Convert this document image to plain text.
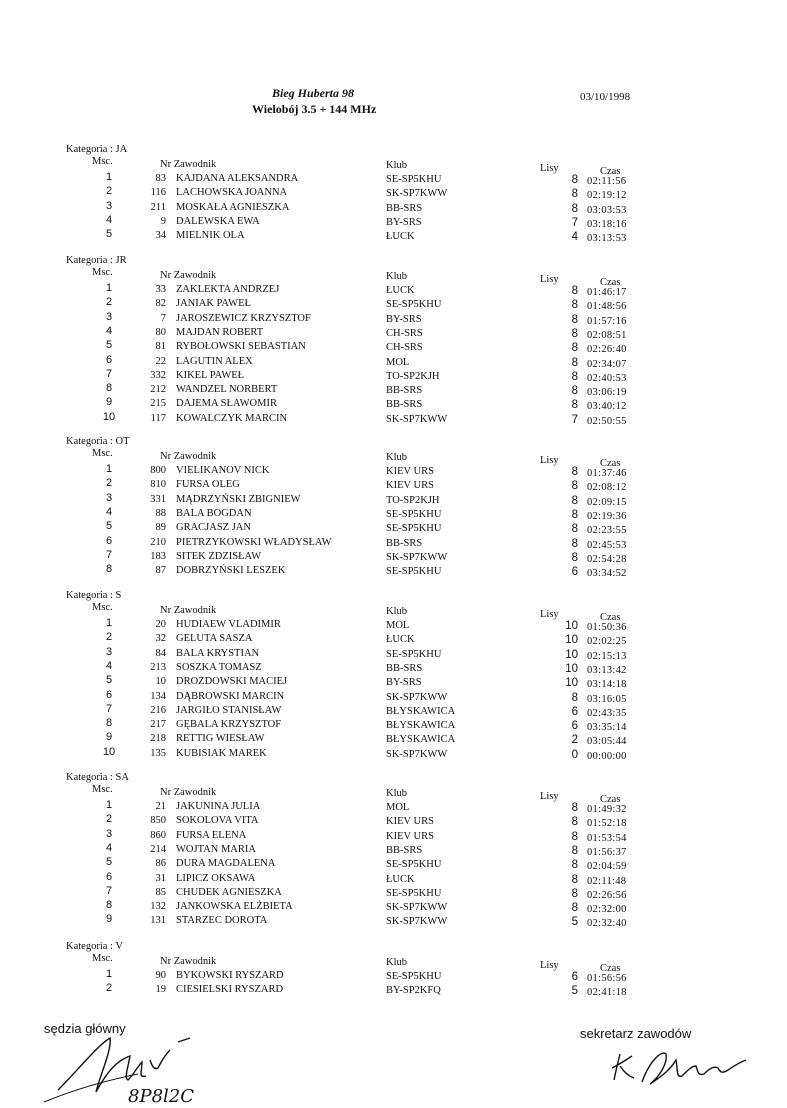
Bieg Huberta 98
Wielobój 3.5 + 144 MHz
03/10/1998
Kategoria : JA
Msc.	Nr Zawodnik	Klub	Lisy	Czas
1	83 KAJDANA ALEKSANDRA	SE-SP5KHU	8 02:11:56
2	116 LACHOWSKA JOANNA	SK-SP7KWW	8 02:19:12
3	211 MOSKAŁA AGNIESZKA	BB-SRS	8 03:03:53
4	9 DALEWSKA EWA	BY-SRS	7 03:18:16
5	34 MIELNIK OLA	ŁUCK	4 03:13:53
Kategoria : JR
Msc.	Nr Zawodnik	Klub	Lisy	Czas
1	33 ZAKLEKTA ANDRZEJ	ŁUCK	8 01:46:17
2	82 JANIAK PAWEŁ	SE-SP5KHU	8 01:48:56
3	7 JAROSZEWICZ KRZYSZTOF	BY-SRS	8 01:57:16
4	80 MAJDAN ROBERT	CH-SRS	8 02:08:51
5	81 RYBOŁOWSKI SEBASTIAN	CH-SRS	8 02:26:40
6	22 LAGUTIN ALEX	MOL	8 02:34:07
7	332 KIKEL PAWEŁ	TO-SP2KJH	8 02:40:53
8	212 WANDZEL NORBERT	BB-SRS	8 03:06:19
9	215 DAJEMA SŁAWOMIR	BB-SRS	8 03:40:12
10	117 KOWALCZYK MARCIN	SK-SP7KWW	7 02:50:55
Kategoria : OT
Msc.	Nr Zawodnik	Klub	Lisy	Czas
1	800 VIELIKANOV NICK	KIEV URS	8 01:37:46
2	810 FURSA OLEG	KIEV URS	8 02:08:12
3	331 MĄDRZYŃSKI ZBIGNIEW	TO-SP2KJH	8 02:09:15
4	88 BALA BOGDAN	SE-SP5KHU	8 02:19:36
5	89 GRACJASZ JAN	SE-SP5KHU	8 02:23:55
6	210 PIETRZYKOWSKI WŁADYSŁAW	BB-SRS	8 02:45:53
7	183 SITEK ZDZISŁAW	SK-SP7KWW	8 02:54:28
8	87 DOBRZYŃSKI LESZEK	SE-SP5KHU	6 03:34:52
Kategoria : S
Msc.	Nr Zawodnik	Klub	Lisy	Czas
1	20 HUDIAEW VLADIMIR	MOL	10 01:50:36
2	32 GELUTA SASZA	ŁUCK	10 02:02:25
3	84 BALA KRYSTIAN	SE-SP5KHU	10 02:15:13
4	213 SOSZKA TOMASZ	BB-SRS	10 03:13:42
5	10 DROZDOWSKI MACIEJ	BY-SRS	10 03:14:18
6	134 DĄBROWSKI MARCIN	SK-SP7KWW	8 03:16:05
7	216 JARGIŁO STANISŁAW	BŁYSKAWICA	6 02:43:35
8	217 GĘBALA KRZYSZTOF	BŁYSKAWICA	6 03:35:14
9	218 RETTIG WIESŁAW	BŁYSKAWICA	2 03:05:44
10	135 KUBISIAK MAREK	SK-SP7KWW	0 00:00:00
Kategoria : SA
Msc.	Nr Zawodnik	Klub	Lisy	Czas
1	21 JAKUNINA JULIA	MOL	8 01:49:32
2	850 SOKOLOVA VITA	KIEV URS	8 01:52:18
3	860 FURSA ELENA	KIEV URS	8 01:53:54
4	214 WOJTAN MARIA	BB-SRS	8 01:56:37
5	86 DURA MAGDALENA	SE-SP5KHU	8 02:04:59
6	31 LIPICZ OKSAWA	ŁUCK	8 02:11:48
7	85 CHUDEK AGNIESZKA	SE-SP5KHU	8 02:26:56
8	132 JANKOWSKA ELŻBIETA	SK-SP7KWW	8 02:32:00
9	131 STARZEC DOROTA	SK-SP7KWW	5 02:32:40
Kategoria : V
Msc.	Nr Zawodnik	Klub	Lisy	Czas
1	90 BYKOWSKI RYSZARD	SE-SP5KHU	6 01:56:56
2	19 CIESIELSKI RYSZARD	BY-SP2KFQ	5 02:41:18
sędzia główny
8P8l2C
sekretarz zawodów
